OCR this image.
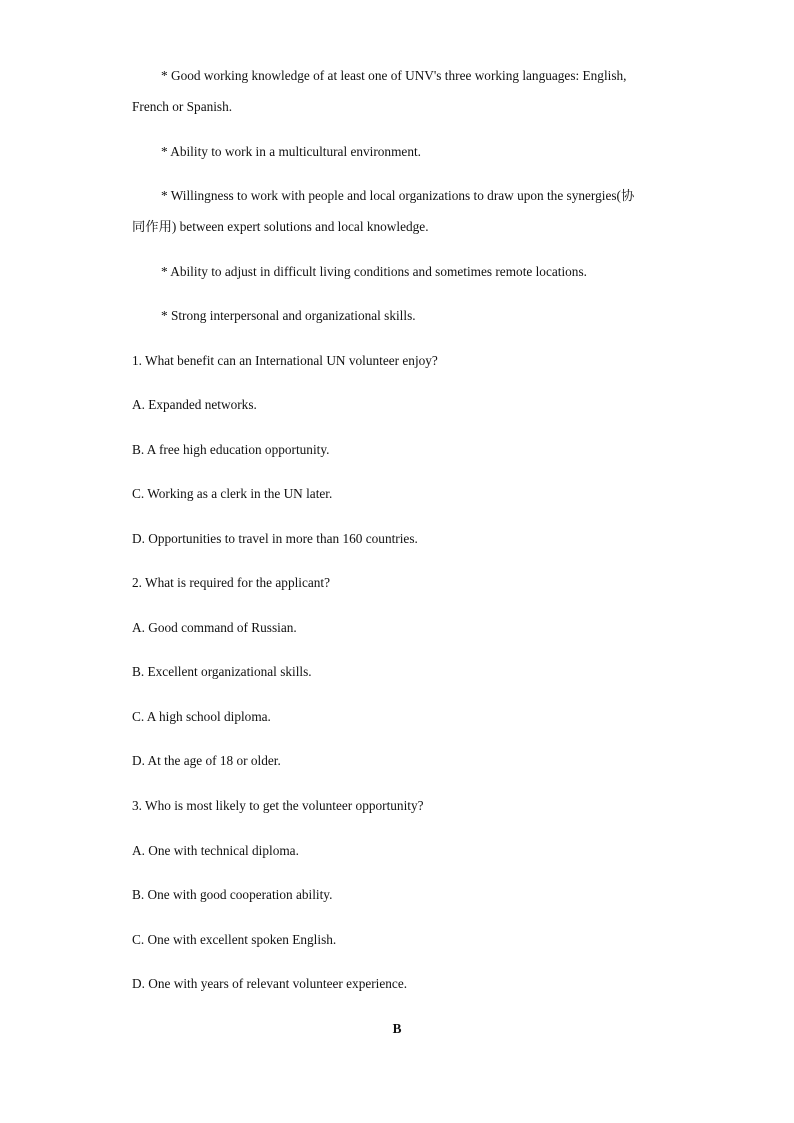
* Good working knowledge of at least one of UNV's three working languages: English,
French or Spanish.
* Ability to work in a multicultural environment.
* Willingness to work with people and local organizations to draw upon the synergies(协
同作用) between expert solutions and local knowledge.
* Ability to adjust in difficult living conditions and sometimes remote locations.
* Strong interpersonal and organizational skills.
1. What benefit can an International UN volunteer enjoy?
A. Expanded networks.
B. A free high education opportunity.
C. Working as a clerk in the UN later.
D. Opportunities to travel in more than 160 countries.
2. What is required for the applicant?
A. Good command of Russian.
B. Excellent organizational skills.
C. A high school diploma.
D. At the age of 18 or older.
3. Who is most likely to get the volunteer opportunity?
A. One with technical diploma.
B. One with good cooperation ability.
C. One with excellent spoken English.
D. One with years of relevant volunteer experience.
B
